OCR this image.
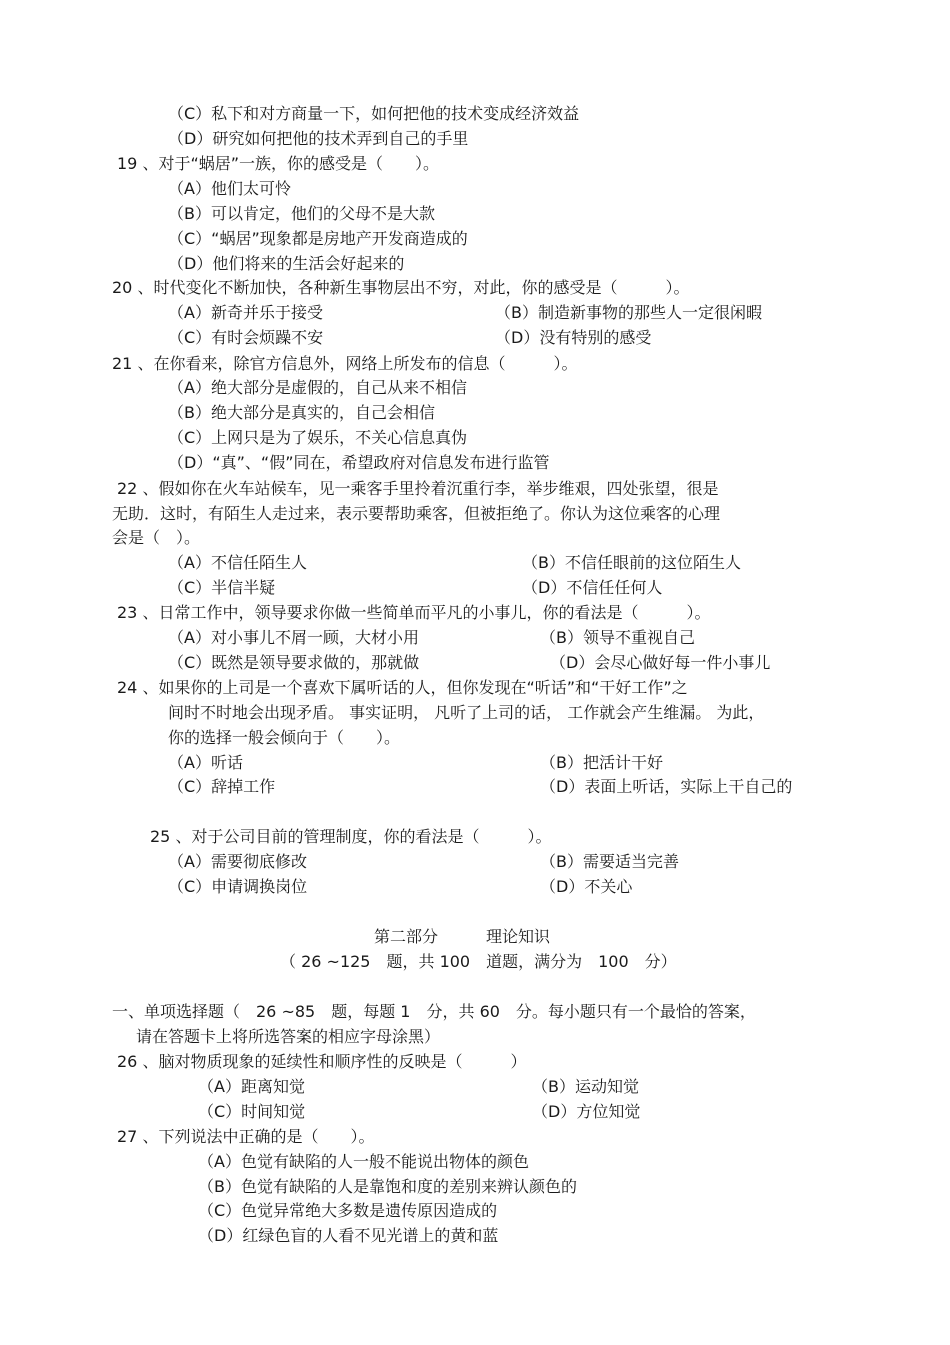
（C）私下和对方商量一下，如何把他的技术变成经济效益
（D）研究如何把他的技术弄到自己的手里
19 、对于“蜗居”一族，你的感受是（　　）。
（A）他们太可怜
（B）可以肯定，他们的父母不是大款
（C）“蜗居”现象都是房地产开发商造成的
（D）他们将来的生活会好起来的
20 、时代变化不断加快，各种新生事物层出不穷，对此，你的感受是（　　　）。
（A）新奇并乐于接受	（B）制造新事物的那些人一定很闲暇
（C）有时会烦躁不安	（D）没有特别的感受
21 、在你看来，除官方信息外，网络上所发布的信息（　　　）。
（A）绝大部分是虚假的，自己从来不相信
（B）绝大部分是真实的，自己会相信
（C）上网只是为了娱乐，不关心信息真伪
（D）“真”、“假”同在，希望政府对信息发布进行监管
22 、假如你在火车站候车，见一乘客手里拎着沉重行李，举步维艰，四处张望，很是
无助．这时，有陌生人走过来，表示要帮助乘客，但被拒绝了。你认为这位乘客的心理
会是（　）。
（A）不信任陌生人	（B）不信任眼前的这位陌生人
（C）半信半疑	（D）不信任任何人
23 、日常工作中，领导要求你做一些简单而平凡的小事儿，你的看法是（　　　）。
（A）对小事儿不屑一顾，大材小用	（B）领导不重视自己
（C）既然是领导要求做的，那就做	（D）会尽心做好每一件小事儿
24 、如果你的上司是一个喜欢下属听话的人，但你发现在“听话”和“干好工作”之
间时不时地会出现矛盾。 事实证明， 凡听了上司的话， 工作就会产生维漏。 为此，
你的选择一般会倾向于（　　）。
（A）听话	（B）把活计干好
（C）辞掉工作	（D）表面上听话，实际上干自己的
25 、对于公司目前的管理制度，你的看法是（　　　）。
（A）需要彻底修改	（B）需要适当完善
（C）申请调换岗位	（D）不关心
第二部分　　　理论知识
（ 26 ~125　题，共 100　道题，满分为　100　分）
一、单项选择题（　26 ~85　题，每题 1　分，共 60　分。每小题只有一个最恰的答案，
请在答题卡上将所选答案的相应字母涂黑）
26 、脑对物质现象的延续性和顺序性的反映是（　　　）
（A）距离知觉	（B）运动知觉
（C）时间知觉	（D）方位知觉
27 、下列说法中正确的是（　　）。
（A）色觉有缺陷的人一般不能说出物体的颜色
（B）色觉有缺陷的人是靠饱和度的差别来辨认颜色的
（C）色觉异常绝大多数是遗传原因造成的
（D）红绿色盲的人看不见光谱上的黄和蓝
